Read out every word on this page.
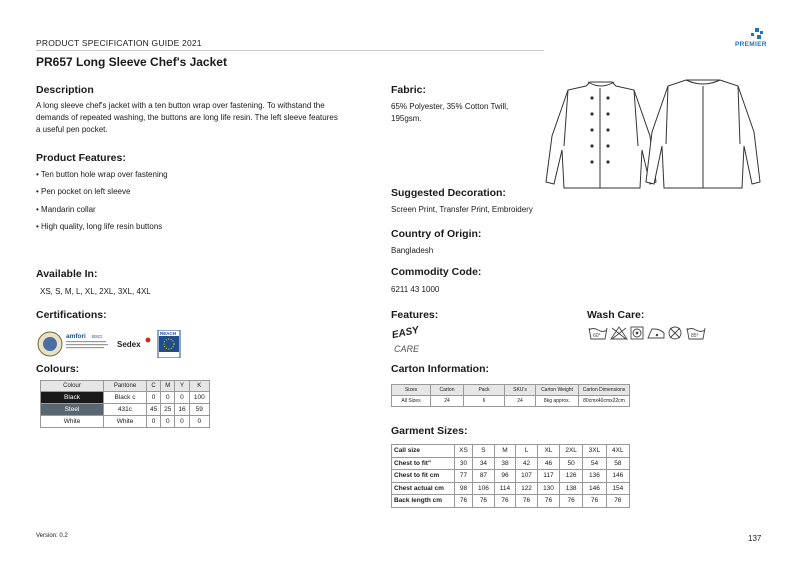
PRODUCT SPECIFICATION GUIDE 2021	PREMIER
PR657 Long Sleeve Chef's Jacket
Description

A long sleeve chef's jacket with a ten button wrap over fastening. To withstand the

demands of repeated washing, the buttons are long life resin. The left sleeve features

a useful pen pocket.

Product Features:
• Ten button hole wrap over fastening
• Pen pocket on left sleeve
• Mandarin collar
• High quality, long life resin buttons
Available In:
XS, S, M, L, XL, 2XL, 3XL, 4XL
Certifications:
amfori BSCI
Sedex
REACH
Colours:
Colour	Pantone	C	M	Y	K
Black	Black c	0	0	0	100
Steel	431c	45	25	16	59
White	White	0	0	0	0
Fabric:

65% Polyester, 35% Cotton Twill,

195gsm.

Suggested Decoration:

Screen Print, Transfer Print, Embroidery

Country of Origin:

Bangladesh

Commodity Code:

6211 43 1000

Features:
EASY
CARE
Wash Care:
60°	85°
Carton Information:
Sizes	Carton	Pack	SKU's	Carton Weight	Carton Dimensions
All Sizes	24	6	24	8kg approx.	80cmx40cmx22cm
Garment Sizes:
Call size	XS	S	M	L	XL	2XL	3XL	4XL
Chest to fit"	30	34	38	42	46	50	54	58
Chest to fit cm	77	87	96	107	117	126	136	146
Chest actual cm	98	106	114	122	130	138	146	154
Back length cm	76	76	76	76	76	76	76	76
Version: 0.2	137
